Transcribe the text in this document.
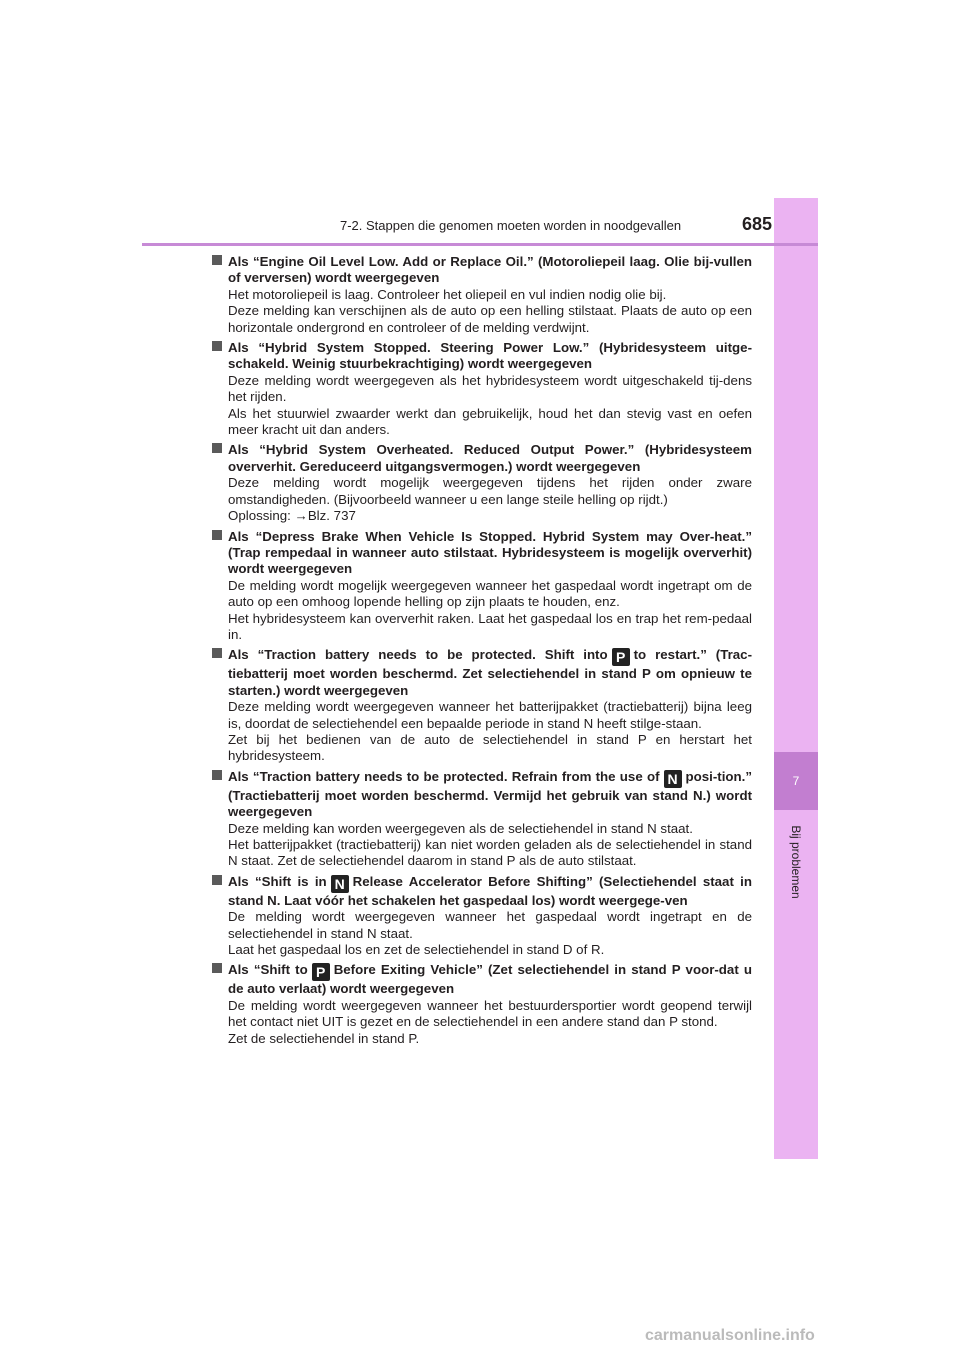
7
Bij problemen
7-2. Stappen die genomen moeten worden in noodgevallen	685
Als “Engine Oil Level Low. Add or Replace Oil.” (Motoroliepeil laag. Olie bij-vullen of verversen) wordt weergegeven

Het motoroliepeil is laag. Controleer het oliepeil en vul indien nodig olie bij.

Deze melding kan verschijnen als de auto op een helling stilstaat. Plaats de auto op een horizontale ondergrond en controleer of de melding verdwijnt.

Als “Hybrid System Stopped. Steering Power Low.” (Hybridesysteem uitge-schakeld. Weinig stuurbekrachtiging) wordt weergegeven

Deze melding wordt weergegeven als het hybridesysteem wordt uitgeschakeld tij-dens het rijden.

Als het stuurwiel zwaarder werkt dan gebruikelijk, houd het dan stevig vast en oefen meer kracht uit dan anders.

Als “Hybrid System Overheated. Reduced Output Power.” (Hybridesysteem oververhit. Gereduceerd uitgangsvermogen.) wordt weergegeven

Deze melding wordt mogelijk weergegeven tijdens het rijden onder zware omstandigheden. (Bijvoorbeeld wanneer u een lange steile helling op rijdt.)

Oplossing: →Blz. 737

Als “Depress Brake When Vehicle Is Stopped. Hybrid System may Over-heat.” (Trap rempedaal in wanneer auto stilstaat. Hybridesysteem is mogelijk oververhit) wordt weergegeven

De melding wordt mogelijk weergegeven wanneer het gaspedaal wordt ingetrapt om de auto op een omhoog lopende helling op zijn plaats te houden, enz.

Het hybridesysteem kan oververhit raken. Laat het gaspedaal los en trap het rem-pedaal in.

Als “Traction battery needs to be protected. Shift into P to restart.” (Trac-tiebatterij moet worden beschermd. Zet selectiehendel in stand P om opnieuw te starten.) wordt weergegeven

Deze melding wordt weergegeven wanneer het batterijpakket (tractiebatterij) bijna leeg is, doordat de selectiehendel een bepaalde periode in stand N heeft stilge-staan.

Zet bij het bedienen van de auto de selectiehendel in stand P en herstart het hybridesysteem.

Als “Traction battery needs to be protected. Refrain from the use of N posi-tion.” (Tractiebatterij moet worden beschermd. Vermijd het gebruik van stand N.) wordt weergegeven

Deze melding kan worden weergegeven als de selectiehendel in stand N staat.

Het batterijpakket (tractiebatterij) kan niet worden geladen als de selectiehendel in stand N staat. Zet de selectiehendel daarom in stand P als de auto stilstaat.

Als “Shift is in N Release Accelerator Before Shifting” (Selectiehendel staat in stand N. Laat vóór het schakelen het gaspedaal los) wordt weergege-ven

De melding wordt weergegeven wanneer het gaspedaal wordt ingetrapt en de selectiehendel in stand N staat.

Laat het gaspedaal los en zet de selectiehendel in stand D of R.

Als “Shift to P Before Exiting Vehicle” (Zet selectiehendel in stand P voor-dat u de auto verlaat) wordt weergegeven

De melding wordt weergegeven wanneer het bestuurdersportier wordt geopend terwijl het contact niet UIT is gezet en de selectiehendel in een andere stand dan P stond.

Zet de selectiehendel in stand P.

carmanualsonline.info
